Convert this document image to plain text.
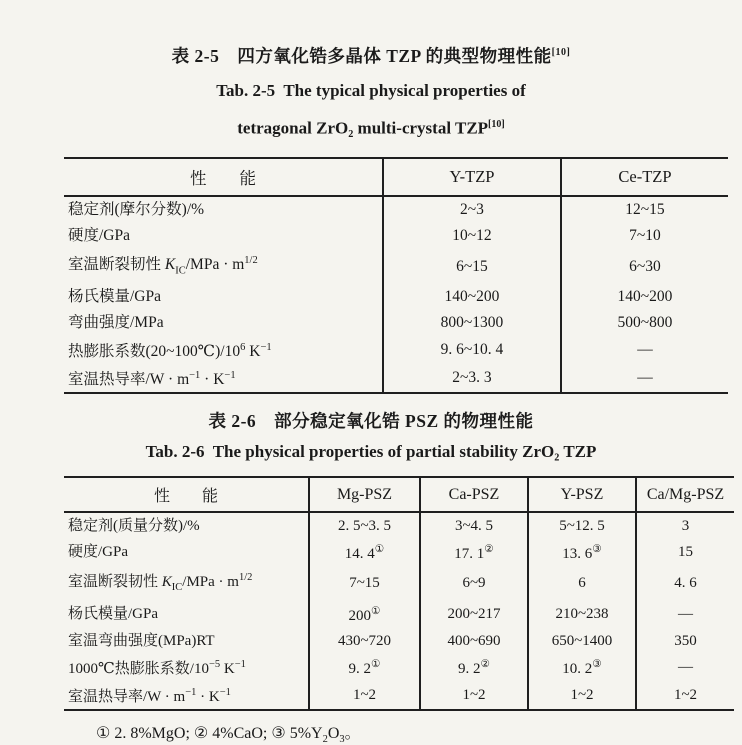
表 2-5　四方氧化锆多晶体 TZP 的典型物理性能[10]
Tab. 2-5  The typical physical properties of
tetragonal ZrO₂ multi-crystal TZP[10]
性　　能	Y-TZP	Ce-TZP
稳定剂(摩尔分数)/%	2~3	12~15
硬度/GPa	10~12	7~10
室温断裂韧性 $K_{IC}$/MPa · $m^{1/2}$	6~15	6~30
杨氏模量/GPa	140~200	140~200
弯曲强度/MPa	800~1300	500~800
热膨胀系数$(20\sim 100℃)/10^6$ $K^{-1}$	9. 6~10. 4	—
室温热导率$/W \cdot m^{-1} \cdot K^{-1}$	2~3. 3	—
表 2-6　部分稳定氧化锆 PSZ 的物理性能
Tab. 2-6  The physical properties of partial stability ZrO₂ TZP
性　　能	Mg-PSZ	Ca-PSZ	Y-PSZ	Ca/Mg-PSZ
稳定剂(质量分数)/%	2. 5~3. 5	3~4. 5	5~12. 5	3
硬度/GPa	14. 4①	17. 1②	13. 6③	15
室温断裂韧性 $K_{IC}$/MPa · $m^{1/2}$	7~15	6~9	6	4. 6
杨氏模量/GPa	200①	200~217	210~238	—
室温弯曲强度(MPa)RT	430~720	400~690	650~1400	350
1000℃热膨胀系数$/10^{-5}$ $K^{-1}$	9. 2①	9. 2②	10. 2③	—
室温热导率$/W \cdot m^{-1} \cdot K^{-1}$	1~2	1~2	1~2	1~2
① 2. 8%MgO; ② 4%CaO; ③ $5\%Y_2O_3$。
